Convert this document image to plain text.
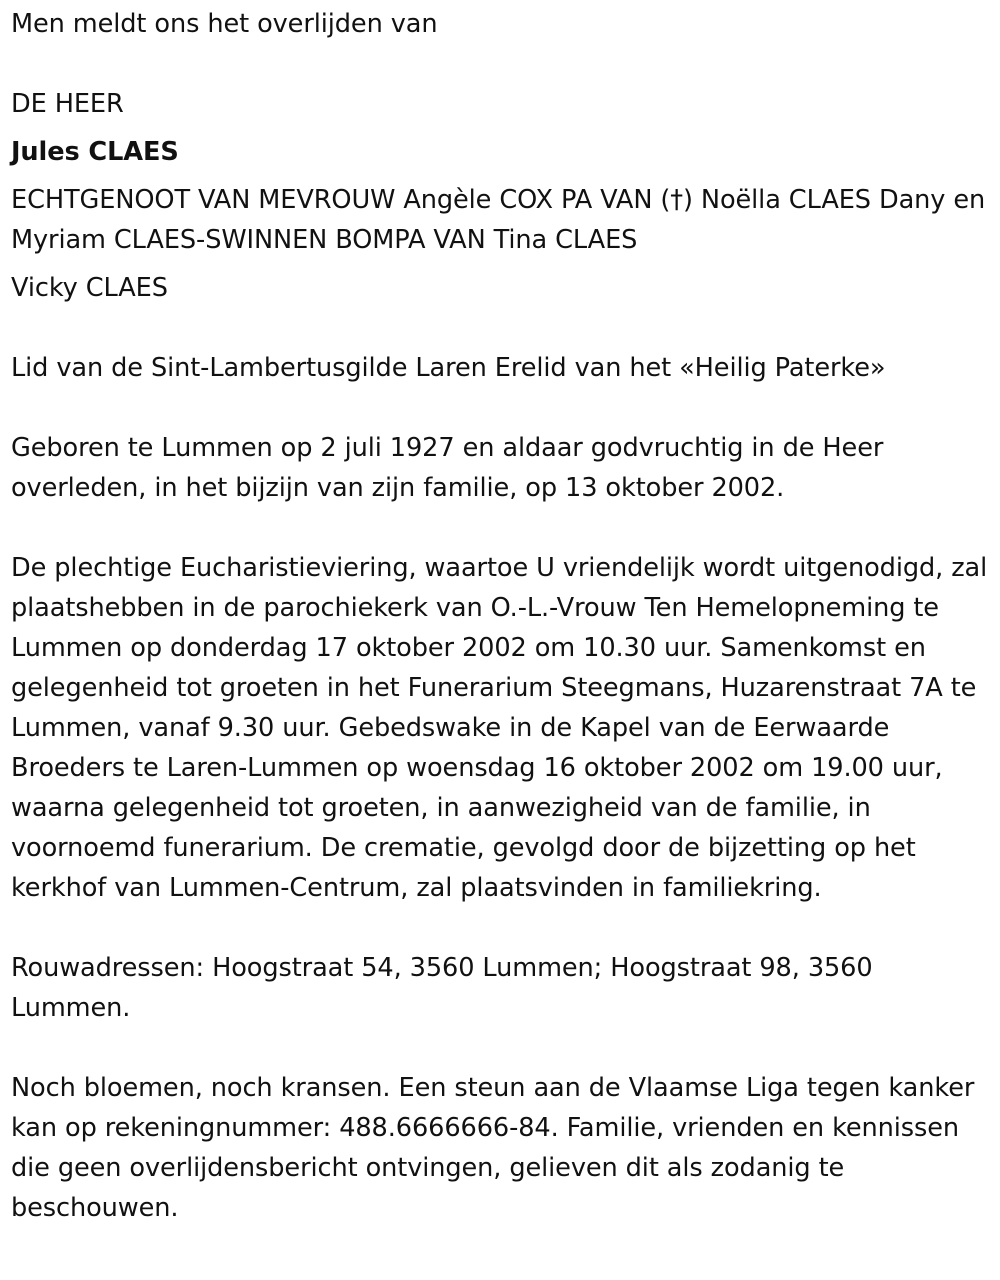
Men meldt ons het overlijden van

DE HEER

Jules CLAES

ECHTGENOOT VAN MEVROUW Angèle COX PA VAN (†) Noëlla CLAES Dany en Myriam CLAES-SWINNEN BOMPA VAN Tina CLAES

Vicky CLAES

Lid van de Sint-Lambertusgilde Laren Erelid van het «Heilig Paterke»

Geboren te Lummen op 2 juli 1927 en aldaar godvruchtig in de Heer overleden, in het bijzijn van zijn familie, op 13 oktober 2002.

De plechtige Eucharistieviering, waartoe U vriendelijk wordt uitgenodigd, zal plaatshebben in de parochiekerk van O.-L.-Vrouw Ten Hemelopneming te Lummen op donderdag 17 oktober 2002 om 10.30 uur. Samenkomst en gelegenheid tot groeten in het Funerarium Steegmans, Huzarenstraat 7A te Lummen, vanaf 9.30 uur. Gebedswake in de Kapel van de Eerwaarde Broeders te Laren-Lummen op woensdag 16 oktober 2002 om 19.00 uur, waarna gelegenheid tot groeten, in aanwezigheid van de familie, in voornoemd funerarium. De crematie, gevolgd door de bijzetting op het kerkhof van Lummen-Centrum, zal plaatsvinden in familiekring.

Rouwadressen: Hoogstraat 54, 3560 Lummen; Hoogstraat 98, 3560 Lummen.

Noch bloemen, noch kransen. Een steun aan de Vlaamse Liga tegen kanker kan op rekeningnummer: 488.6666666-84. Familie, vrienden en kennissen die geen overlijdensbericht ontvingen, gelieven dit als zodanig te beschouwen.
